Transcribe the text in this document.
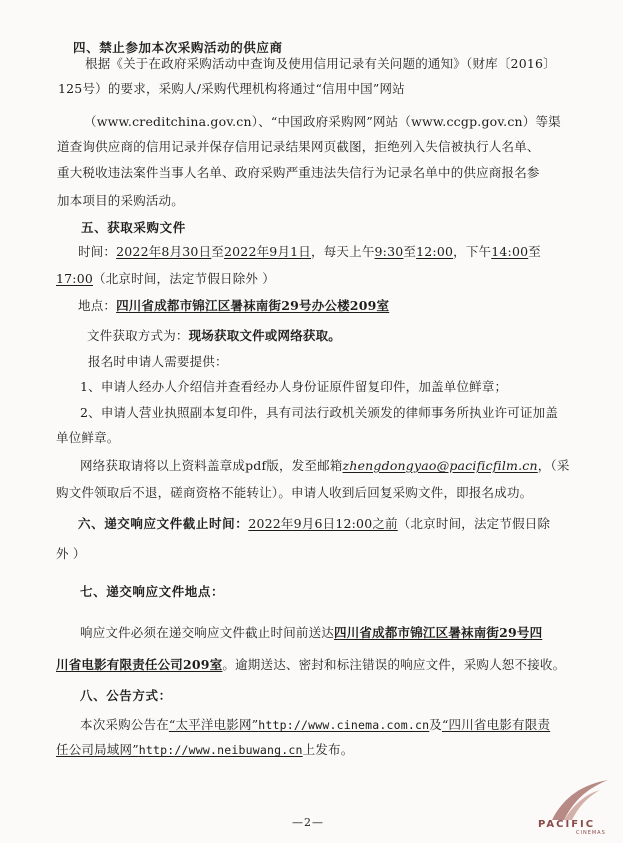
四、禁止参加本次采购活动的供应商
根据《关于在政府采购活动中查询及使用信用记录有关问题的通知》（财库〔2016〕
125号）的要求，采购人/采购代理机构将通过“信用中国”网站
（www.creditchina.gov.cn）、“中国政府采购网”网站（www.ccgp.gov.cn）等渠
道查询供应商的信用记录并保存信用记录结果网页截图，拒绝列入失信被执行人名单、
重大税收违法案件当事人名单、政府采购严重违法失信行为记录名单中的供应商报名参
加本项目的采购活动。
五、获取采购文件
时间：2022年8月30日至2022年9月1日，每天上午9:30至12:00，下午14:00至
17:00（北京时间，法定节假日除外 ）
地点：四川省成都市锦江区暑袜南街29号办公楼209室
文件获取方式为：现场获取文件或网络获取。
报名时申请人需要提供：
1、申请人经办人介绍信并查看经办人身份证原件留复印件，加盖单位鲜章；
2、申请人营业执照副本复印件，具有司法行政机关颁发的律师事务所执业许可证加盖
单位鲜章。
网络获取请将以上资料盖章成pdf版，发至邮箱zhengdongyao@pacificfilm.cn，（采
购文件领取后不退，磋商资格不能转让）。申请人收到后回复采购文件，即报名成功。
六、递交响应文件截止时间：2022年9月6日12:00之前（北京时间，法定节假日除
外 ）
七、递交响应文件地点：
响应文件必须在递交响应文件截止时间前送达四川省成都市锦江区暑袜南街29号四
川省电影有限责任公司209室。逾期送达、密封和标注错误的响应文件，采购人恕不接收。
八、公告方式：
本次采购公告在“太平洋电影网”http://www.cinema.com.cn及“四川省电影有限责
任公司局域网”http://www.neibuwang.cn上发布。
—2—	PACIFIC
CINEMAS
